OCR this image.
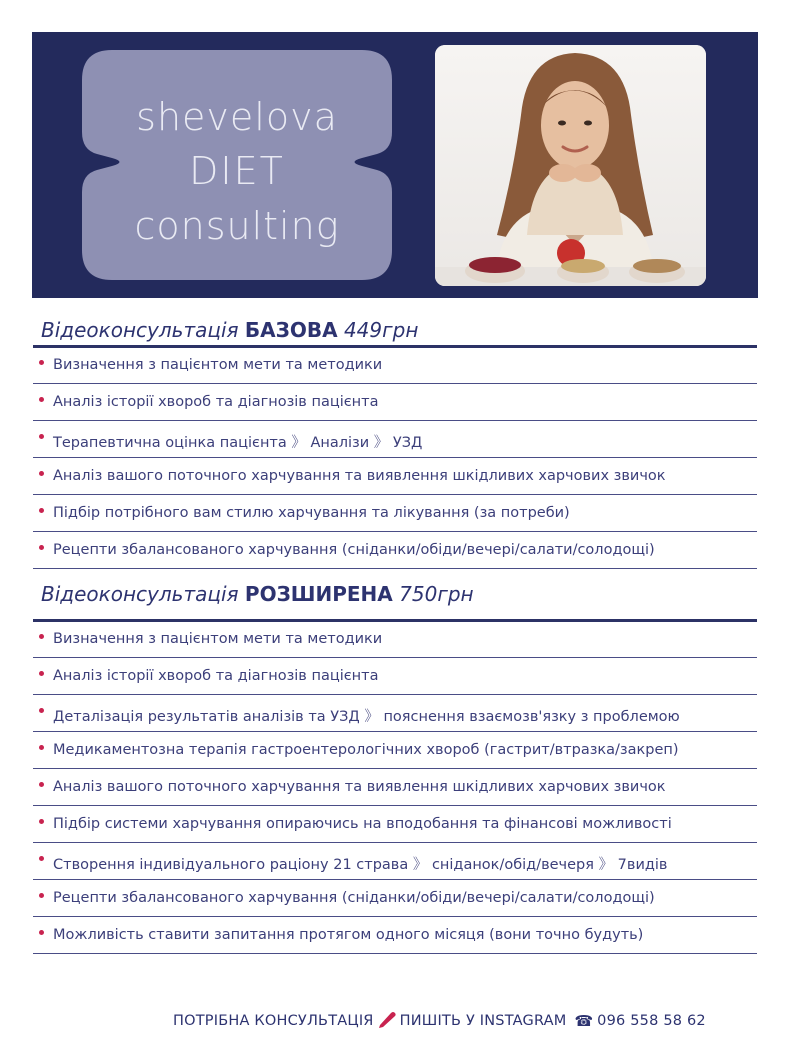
shevelova
DIET
consulting
Відеоконсультація БАЗОВА 449грн
Визначення з пацієнтом мети та методики
Аналіз історії хвороб та діагнозів пацієнта
Терапевтична оцінка пацієнта 》 Аналізи 》 УЗД
Аналіз вашого поточного харчування та виявлення шкідливих харчових звичок
Підбір потрібного вам стилю харчування та лікування (за потреби)
Рецепти збалансованого харчування (сніданки/обіди/вечері/салати/солодощі)
Відеоконсультація РОЗШИРЕНА 750грн
Визначення з пацієнтом мети та методики
Аналіз історії хвороб та діагнозів пацієнта
Деталізація результатів аналізів та УЗД 》 пояснення взаємозв'язку з проблемою
Медикаментозна терапія гастроентерологічних хвороб (гастрит/втразка/закреп)
Аналіз вашого поточного харчування та виявлення шкідливих харчових звичок
Підбір системи харчування опираючись на вподобання та фінансові можливості
Створення індивідуального раціону 21 страва 》 сніданок/обід/вечеря 》 7видів
Рецепти збалансованого харчування (сніданки/обіди/вечері/салати/солодощі)
Можливість ставити запитання протягом одного місяця (вони точно будуть)
ПОТРІБНА КОНСУЛЬТАЦІЯ ПИШІТЬ У INSTAGRAM ☎ 096 558 58 62
